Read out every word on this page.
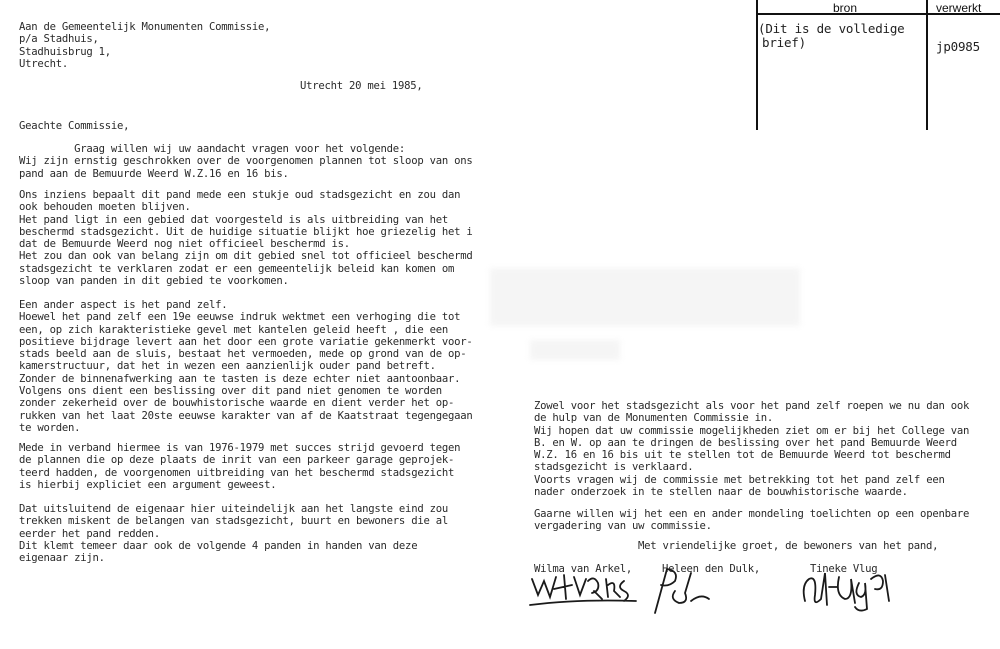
bron	verwerkt
(Dit is de volledige
brief)	jp0985
Aan de Gemeentelijk Monumenten Commissie,
p/a Stadhuis,
Stadhuisbrug 1,
Utrecht.
Utrecht 20 mei 1985,
Geachte Commissie,
Graag willen wij uw aandacht vragen voor het volgende:
Wij zijn ernstig geschrokken over de voorgenomen plannen tot sloop van ons
pand aan de Bemuurde Weerd W.Z.16 en 16 bis.
Ons inziens bepaalt dit pand mede een stukje oud stadsgezicht en zou dan
ook behouden moeten blijven.
Het pand ligt in een gebied dat voorgesteld is als uitbreiding van het
beschermd stadsgezicht. Uit de huidige situatie blijkt hoe griezelig het i
dat de Bemuurde Weerd nog niet officieel beschermd is.
Het zou dan ook van belang zijn om dit gebied snel tot officieel beschermd
stadsgezicht te verklaren zodat er een gemeentelijk beleid kan komen om
sloop van panden in dit gebied te voorkomen.
Een ander aspect is het pand zelf.
Hoewel het pand zelf een 19e eeuwse indruk wektmet een verhoging die tot
een, op zich karakteristieke gevel met kantelen geleid heeft , die een
positieve bijdrage levert aan het door een grote variatie gekenmerkt voor-
stads beeld aan de sluis, bestaat het vermoeden, mede op grond van de op-
kamerstructuur, dat het in wezen een aanzienlijk ouder pand betreft.
Zonder de binnenafwerking aan te tasten is deze echter niet aantoonbaar.
Volgens ons dient een beslissing over dit pand niet genomen te worden
zonder zekerheid over de bouwhistorische waarde en dient verder het op-
rukken van het laat 20ste eeuwse karakter van af de Kaatstraat tegengegaan
te worden.
Mede in verband hiermee is van 1976-1979 met succes strijd gevoerd tegen
de plannen die op deze plaats de inrit van een parkeer garage geprojek-
teerd hadden, de voorgenomen uitbreiding van het beschermd stadsgezicht
is hierbij expliciet een argument geweest.
Dat uitsluitend de eigenaar hier uiteindelijk aan het langste eind zou
trekken miskent de belangen van stadsgezicht, buurt en bewoners die al
eerder het pand redden.
Dit klemt temeer daar ook de volgende 4 panden in handen van deze
eigenaar zijn.
Zowel voor het stadsgezicht als voor het pand zelf roepen we nu dan ook
de hulp van de Monumenten Commissie in.
Wij hopen dat uw commissie mogelijkheden ziet om er bij het College van
B. en W. op aan te dringen de beslissing over het pand Bemuurde Weerd
W.Z. 16 en 16 bis uit te stellen tot de Bemuurde Weerd tot beschermd
stadsgezicht is verklaard.
Voorts vragen wij de commissie met betrekking tot het pand zelf een
nader onderzoek in te stellen naar de bouwhistorische waarde.
Gaarne willen wij het een en ander mondeling toelichten op een openbare
vergadering van uw commissie.
Met vriendelijke groet, de bewoners van het pand,
Wilma van Arkel,	Heleen den Dulk,	Tineke Vlug
